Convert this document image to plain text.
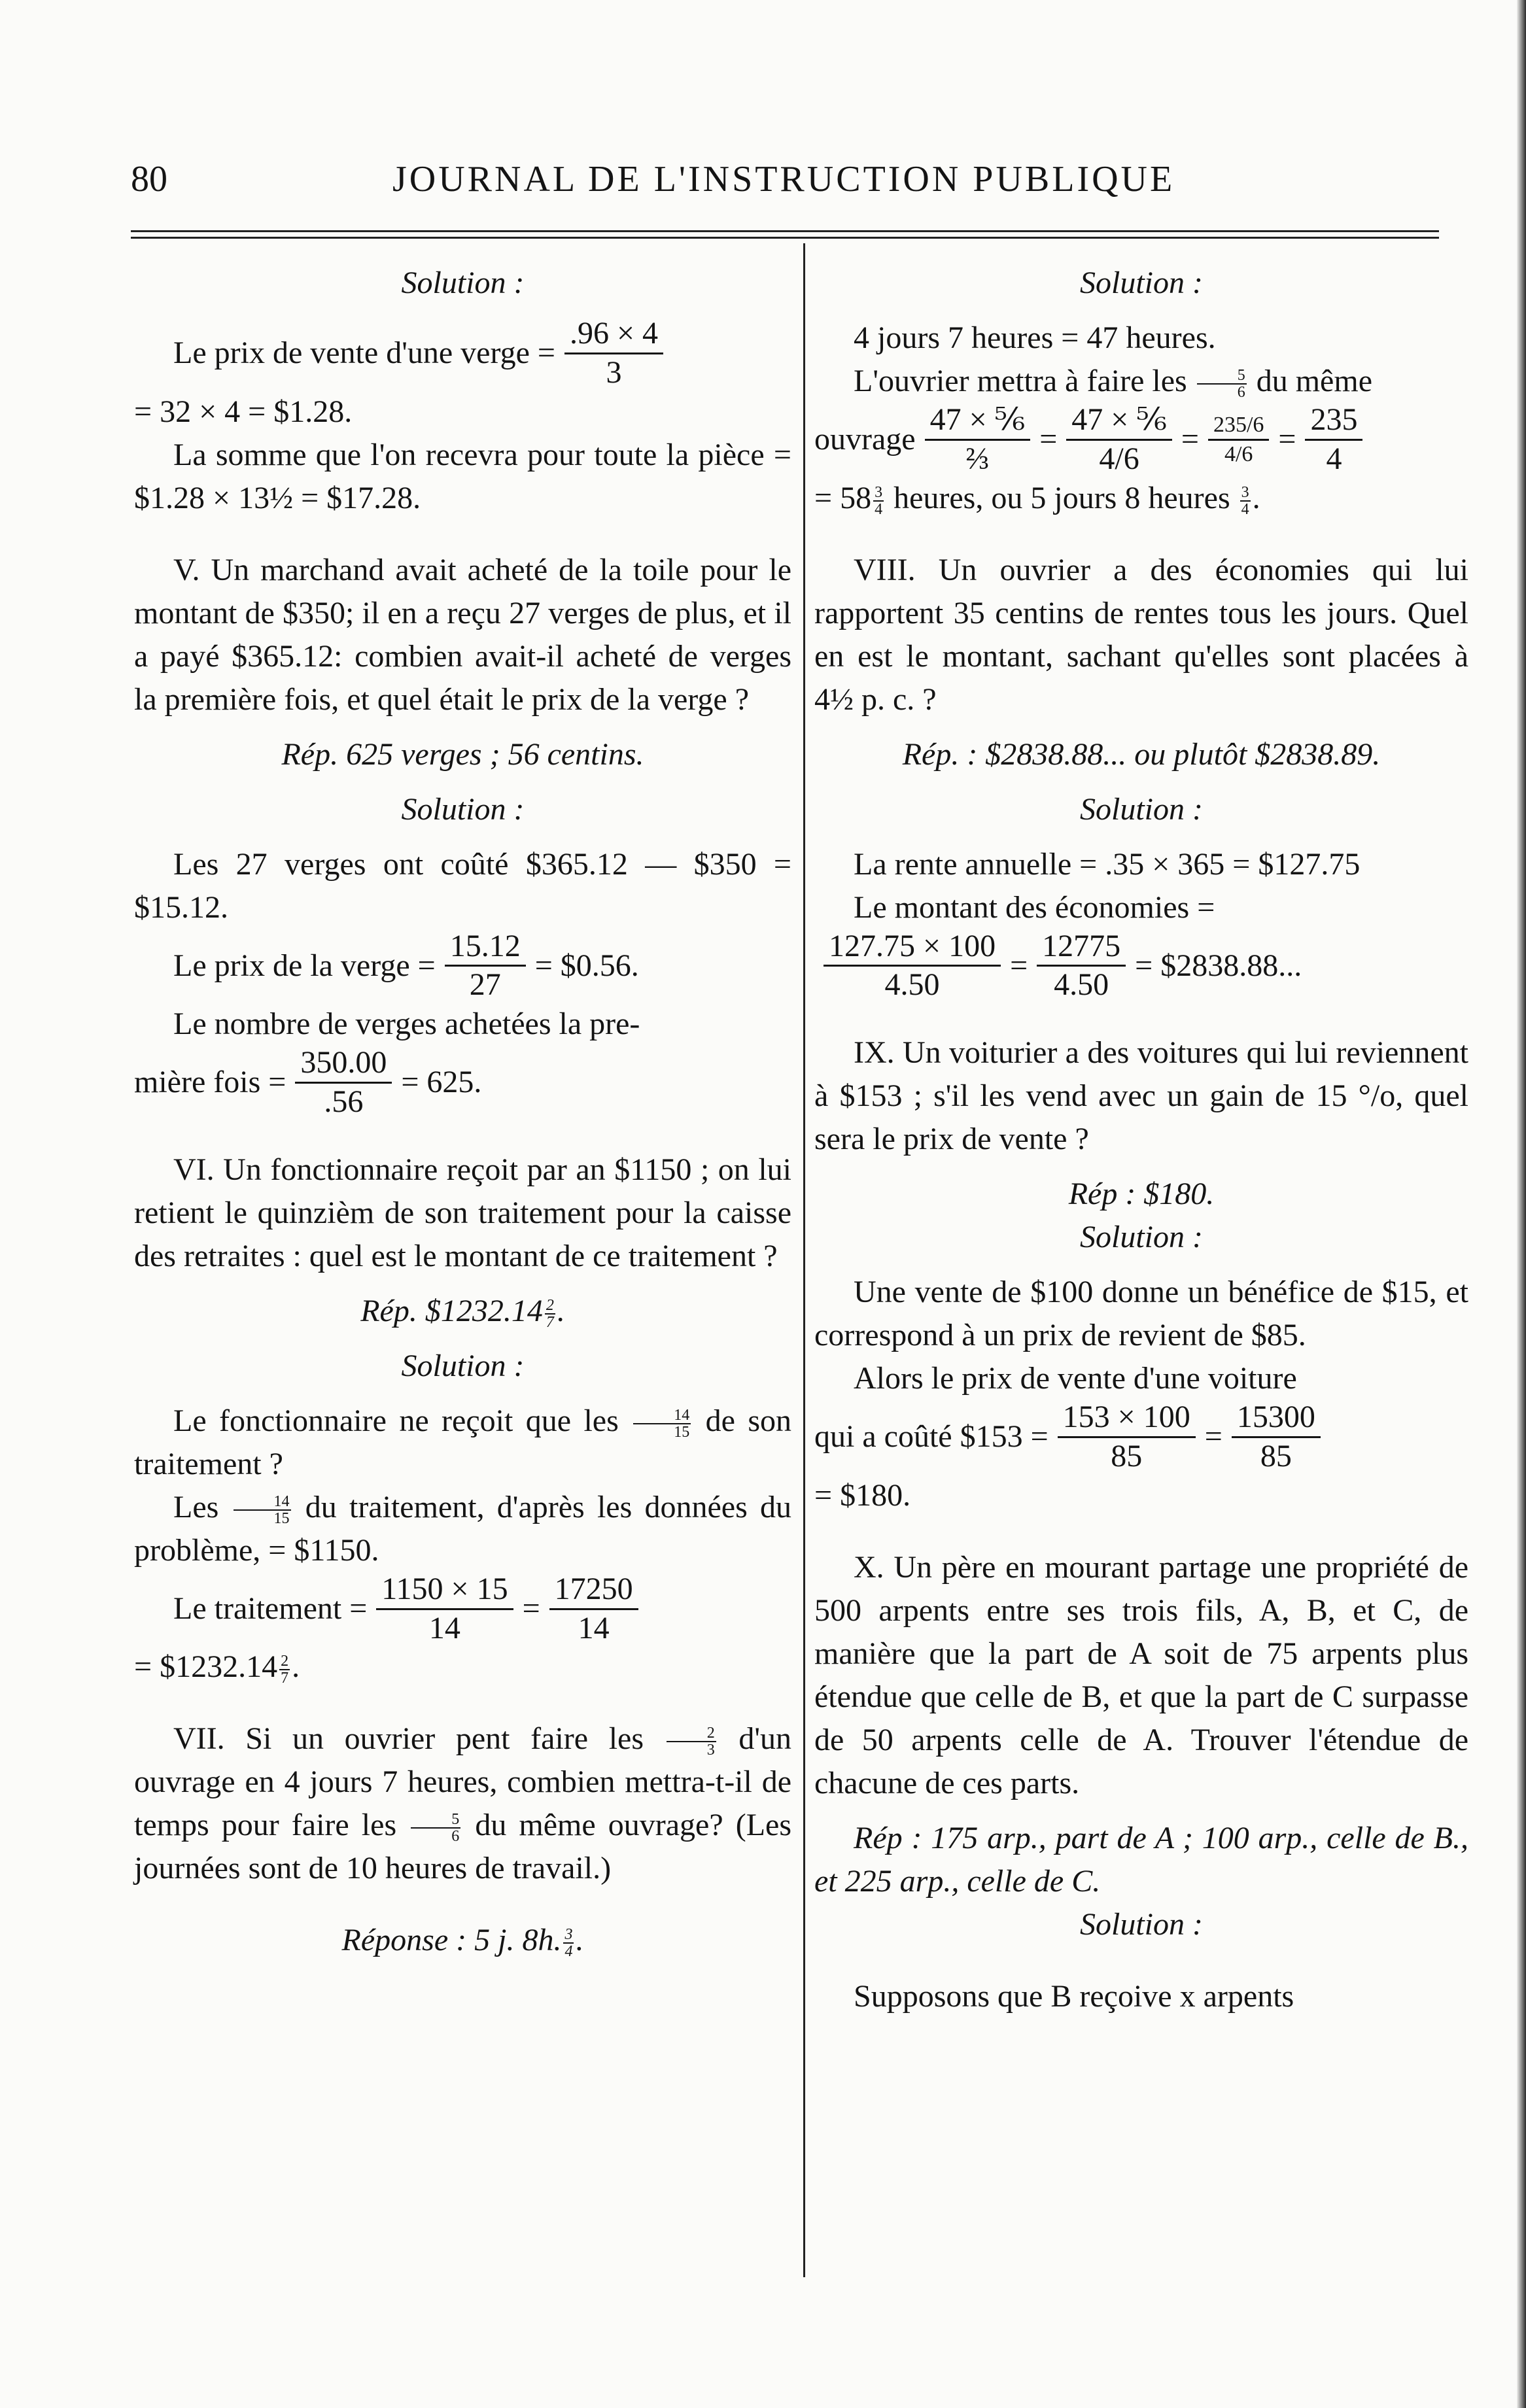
80	JOURNAL DE L'INSTRUCTION PUBLIQUE

Solution :

Le prix de vente d'une verge = $\frac{.96 \times 4}{3}$

= 32 × 4 = $1.28.

La somme que l'on recevra pour toute la pièce = $1.28 × 13½ = $17.28.

V. Un marchand avait acheté de la toile pour le montant de $350; il en a reçu 27 verges de plus, et il a payé $365.12: combien avait-il acheté de verges la première fois, et quel était le prix de la verge ?

Rép. 625 verges ; 56 centins.

Solution :

Les 27 verges ont coûté $365.12 — $350 = $15.12.

Le prix de la verge = $\frac{15.12}{27}$ = $0.56.

Le nombre de verges achetées la pre-

mière fois = $\frac{350.00}{.56} = 625$.

VI. Un fonctionnaire reçoit par an $1150 ; on lui retient le quinzièm de son traitement pour la caisse des retraites : quel est le montant de ce traitement ?

Rép. $1232.14 $\frac{2}{7}$ .

Solution :

Le fonctionnaire ne reçoit que les $\frac{14}{15}$ de son traitement ?

Les $\frac{14}{15}$ du traitement, d'après les données du problème, = $1150.

Le traitement = $\frac{1150 \times 15}{14} = \frac{17250}{14}$

= $1232.14 $\frac{2}{7}$ .

VII. Si un ouvrier pent faire les $\frac{2}{3} d'un$ ouvrage en 4 jours 7 heures, combien mettra-t-il de temps pour faire les $\frac{5}{6}$ du même ouvrage? (Les journées sont de 10 heures de travail.)

Réponse : 5 j. 8h. $\frac{3}{4}$ .

Solution :

4 jours 7 heures = 47 heures.

L'ouvrier mettra à faire les $\frac{5}{6}$ du même

ouvrage $\frac{\text{47 × ⅚}}{\text{⅔}} = \frac{\text{47 × ⅚}}{4/6} = \frac{235/6}{4/6} = \frac{235}{4}$

= $58 \frac{3}{4}$ heures, ou 5 jours 8 heures $\frac{3}{4}$ .

VIII. Un ouvrier a des économies qui lui rapportent 35 centins de rentes tous les jours. Quel en est le montant, sachant qu'elles sont placées à 4½ p. c. ?

Rép. : $2838.88... ou plutôt $2838.89.

Solution :

La rente annuelle = .35 × 365 = $127.75

Le montant des économies =

$\frac{127.75 \times 100}{4.50} = \frac{12775}{4.50}$ = $2838.88...

IX. Un voiturier a des voitures qui lui reviennent à $153 ; s'il les vend avec un gain de 15 °/o, quel sera le prix de vente ?

Rép : $180.

Solution :

Une vente de $100 donne un bénéfice de $15, et correspond à un prix de revient de $85.

Alors le prix de vente d'une voiture

qui a coûté $153 = $\frac{153 \times 100}{85} = \frac{15300}{85}$

= $180.

X. Un père en mourant partage une propriété de 500 arpents entre ses trois fils, A, B, et C, de manière que la part de A soit de 75 arpents plus étendue que celle de B, et que la part de C surpasse de 50 arpents celle de A. Trouver l'étendue de chacune de ces parts.

Rép : 175 arp., part de A ; 100 arp., celle de B., et 225 arp., celle de C.

Solution :

Supposons que B reçoive x arpents
